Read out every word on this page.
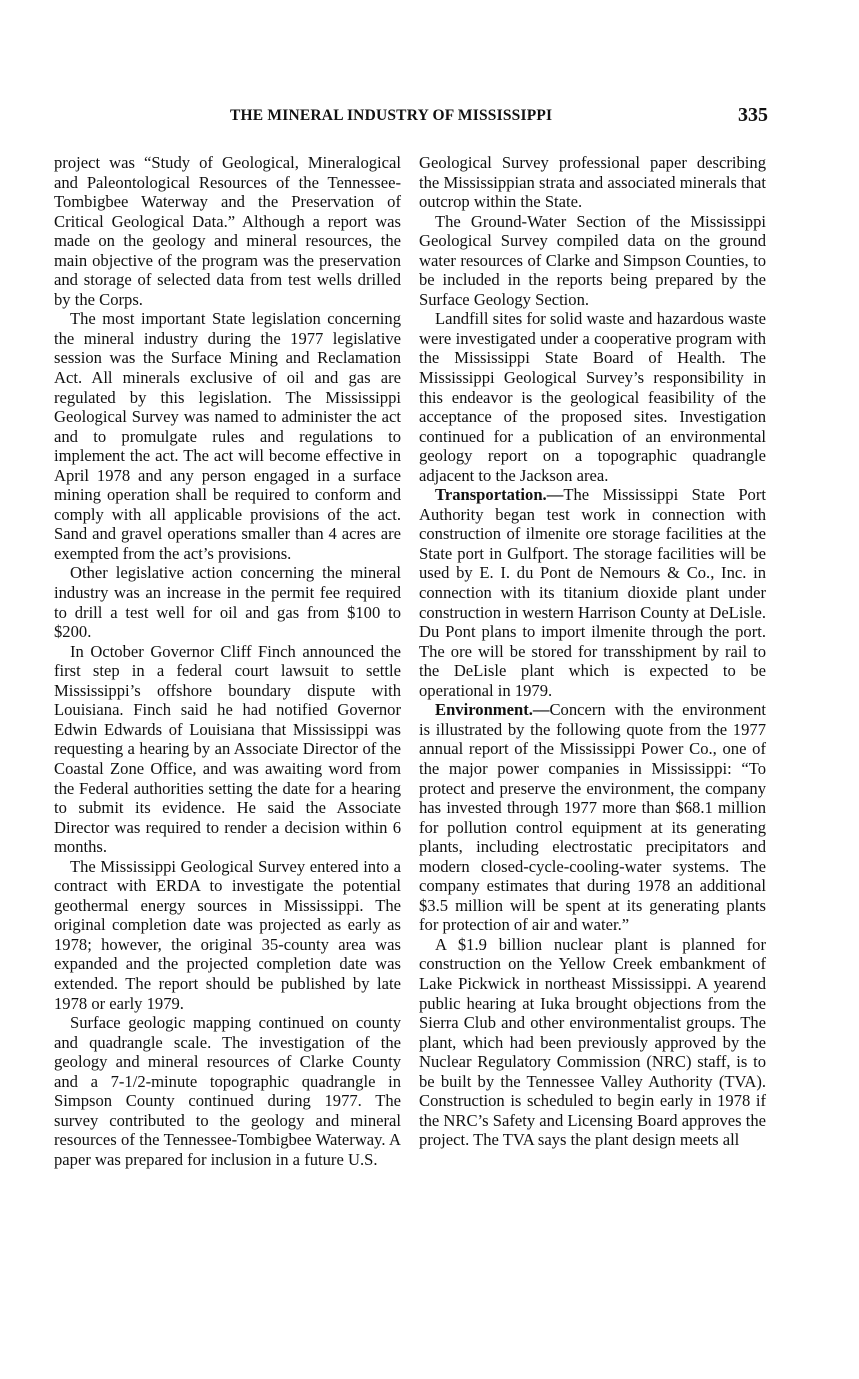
THE MINERAL INDUSTRY OF MISSISSIPPI	335

project was “Study of Geological, Mineralogical and Paleontological Resources of the Tennessee-Tombigbee Waterway and the Preservation of Critical Geological Data.” Although a report was made on the geology and mineral resources, the main objective of the program was the preservation and storage of selected data from test wells drilled by the Corps.

The most important State legislation concerning the mineral industry during the 1977 legislative session was the Surface Mining and Reclamation Act. All minerals exclusive of oil and gas are regulated by this legislation. The Mississippi Geological Survey was named to administer the act and to promulgate rules and regulations to implement the act. The act will become effective in April 1978 and any person engaged in a surface mining operation shall be required to conform and comply with all applicable provisions of the act. Sand and gravel operations smaller than 4 acres are exempted from the act’s provisions.

Other legislative action concerning the mineral industry was an increase in the permit fee required to drill a test well for oil and gas from $100 to $200.

In October Governor Cliff Finch announced the first step in a federal court lawsuit to settle Mississippi’s offshore boundary dispute with Louisiana. Finch said he had notified Governor Edwin Edwards of Louisiana that Mississippi was requesting a hearing by an Associate Director of the Coastal Zone Office, and was awaiting word from the Federal authorities setting the date for a hearing to submit its evidence. He said the Associate Director was required to render a decision within 6 months.

The Mississippi Geological Survey entered into a contract with ERDA to investigate the potential geothermal energy sources in Mississippi. The original completion date was projected as early as 1978; however, the original 35-county area was expanded and the projected completion date was extended. The report should be published by late 1978 or early 1979.

Surface geologic mapping continued on county and quadrangle scale. The investigation of the geology and mineral resources of Clarke County and a 7-1/2-minute topographic quadrangle in Simpson County continued during 1977. The survey contributed to the geology and mineral resources of the Tennessee-Tombigbee Waterway. A paper was prepared for inclusion in a future U.S.

Geological Survey professional paper describing the Mississippian strata and associated minerals that outcrop within the State.

The Ground-Water Section of the Mississippi Geological Survey compiled data on the ground water resources of Clarke and Simpson Counties, to be included in the reports being prepared by the Surface Geology Section.

Landfill sites for solid waste and hazardous waste were investigated under a cooperative program with the Mississippi State Board of Health. The Mississippi Geological Survey’s responsibility in this endeavor is the geological feasibility of the acceptance of the proposed sites. Investigation continued for a publication of an environmental geology report on a topographic quadrangle adjacent to the Jackson area.

Transportation.—The Mississippi State Port Authority began test work in connection with construction of ilmenite ore storage facilities at the State port in Gulfport. The storage facilities will be used by E. I. du Pont de Nemours & Co., Inc. in connection with its titanium dioxide plant under construction in western Harrison County at DeLisle. Du Pont plans to import ilmenite through the port. The ore will be stored for transshipment by rail to the DeLisle plant which is expected to be operational in 1979.

Environment.—Concern with the environment is illustrated by the following quote from the 1977 annual report of the Mississippi Power Co., one of the major power companies in Mississippi: “To protect and preserve the environment, the company has invested through 1977 more than $68.1 million for pollution control equipment at its generating plants, including electrostatic precipitators and modern closed-cycle-cooling-water systems. The company estimates that during 1978 an additional $3.5 million will be spent at its generating plants for protection of air and water.”

A $1.9 billion nuclear plant is planned for construction on the Yellow Creek embankment of Lake Pickwick in northeast Mississippi. A yearend public hearing at Iuka brought objections from the Sierra Club and other environmentalist groups. The plant, which had been previously approved by the Nuclear Regulatory Commission (NRC) staff, is to be built by the Tennessee Valley Authority (TVA). Construction is scheduled to begin early in 1978 if the NRC’s Safety and Licensing Board approves the project. The TVA says the plant design meets all
